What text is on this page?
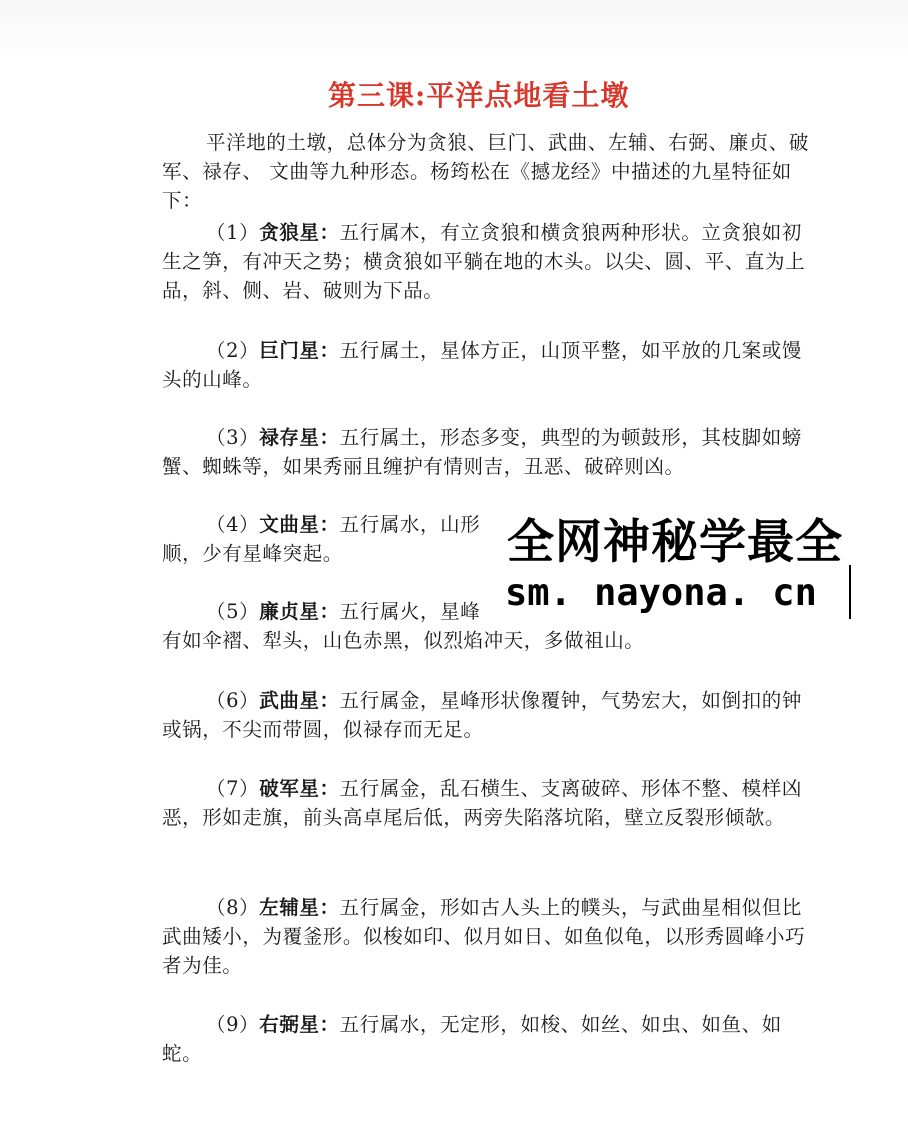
第三课:平洋点地看土墩
平洋地的土墩，总体分为贪狼、巨门、武曲、左辅、右弼、廉贞、破军、禄存、 文曲等九种形态。杨筠松在《撼龙经》中描述的九星特征如下：
（1）贪狼星：五行属木，有立贪狼和横贪狼两种形状。立贪狼如初生之笋，有冲天之势；横贪狼如平躺在地的木头。以尖、圆、平、直为上品，斜、侧、岩、破则为下品。
（2）巨门星：五行属土，星体方正，山顶平整，如平放的几案或馒头的山峰。
（3）禄存星：五行属土，形态多变，典型的为顿鼓形，其枝脚如螃蟹、蜘蛛等，如果秀丽且缠护有情则吉，丑恶、破碎则凶。
（4）文曲星：五行属水，山形
顺，少有星峰突起。
（5）廉贞星：五行属火，星峰
有如伞褶、犁头，山色赤黑，似烈焰冲天，多做祖山。
（6）武曲星：五行属金，星峰形状像覆钟，气势宏大，如倒扣的钟或锅，不尖而带圆，似禄存而无足。
（7）破军星：五行属金，乱石横生、支离破碎、形体不整、模样凶恶，形如走旗，前头高卓尾后低，两旁失陷落坑陷，壁立反裂形倾欹。
（8）左辅星：五行属金，形如古人头上的幞头，与武曲星相似但比武曲矮小，为覆釜形。似梭如印、似月如日、如鱼似龟，以形秀圆峰小巧者为佳。
（9）右弼星：五行属水，无定形，如梭、如丝、如虫、如鱼、如蛇。
全网神秘学最全
sm. nayona. cn
